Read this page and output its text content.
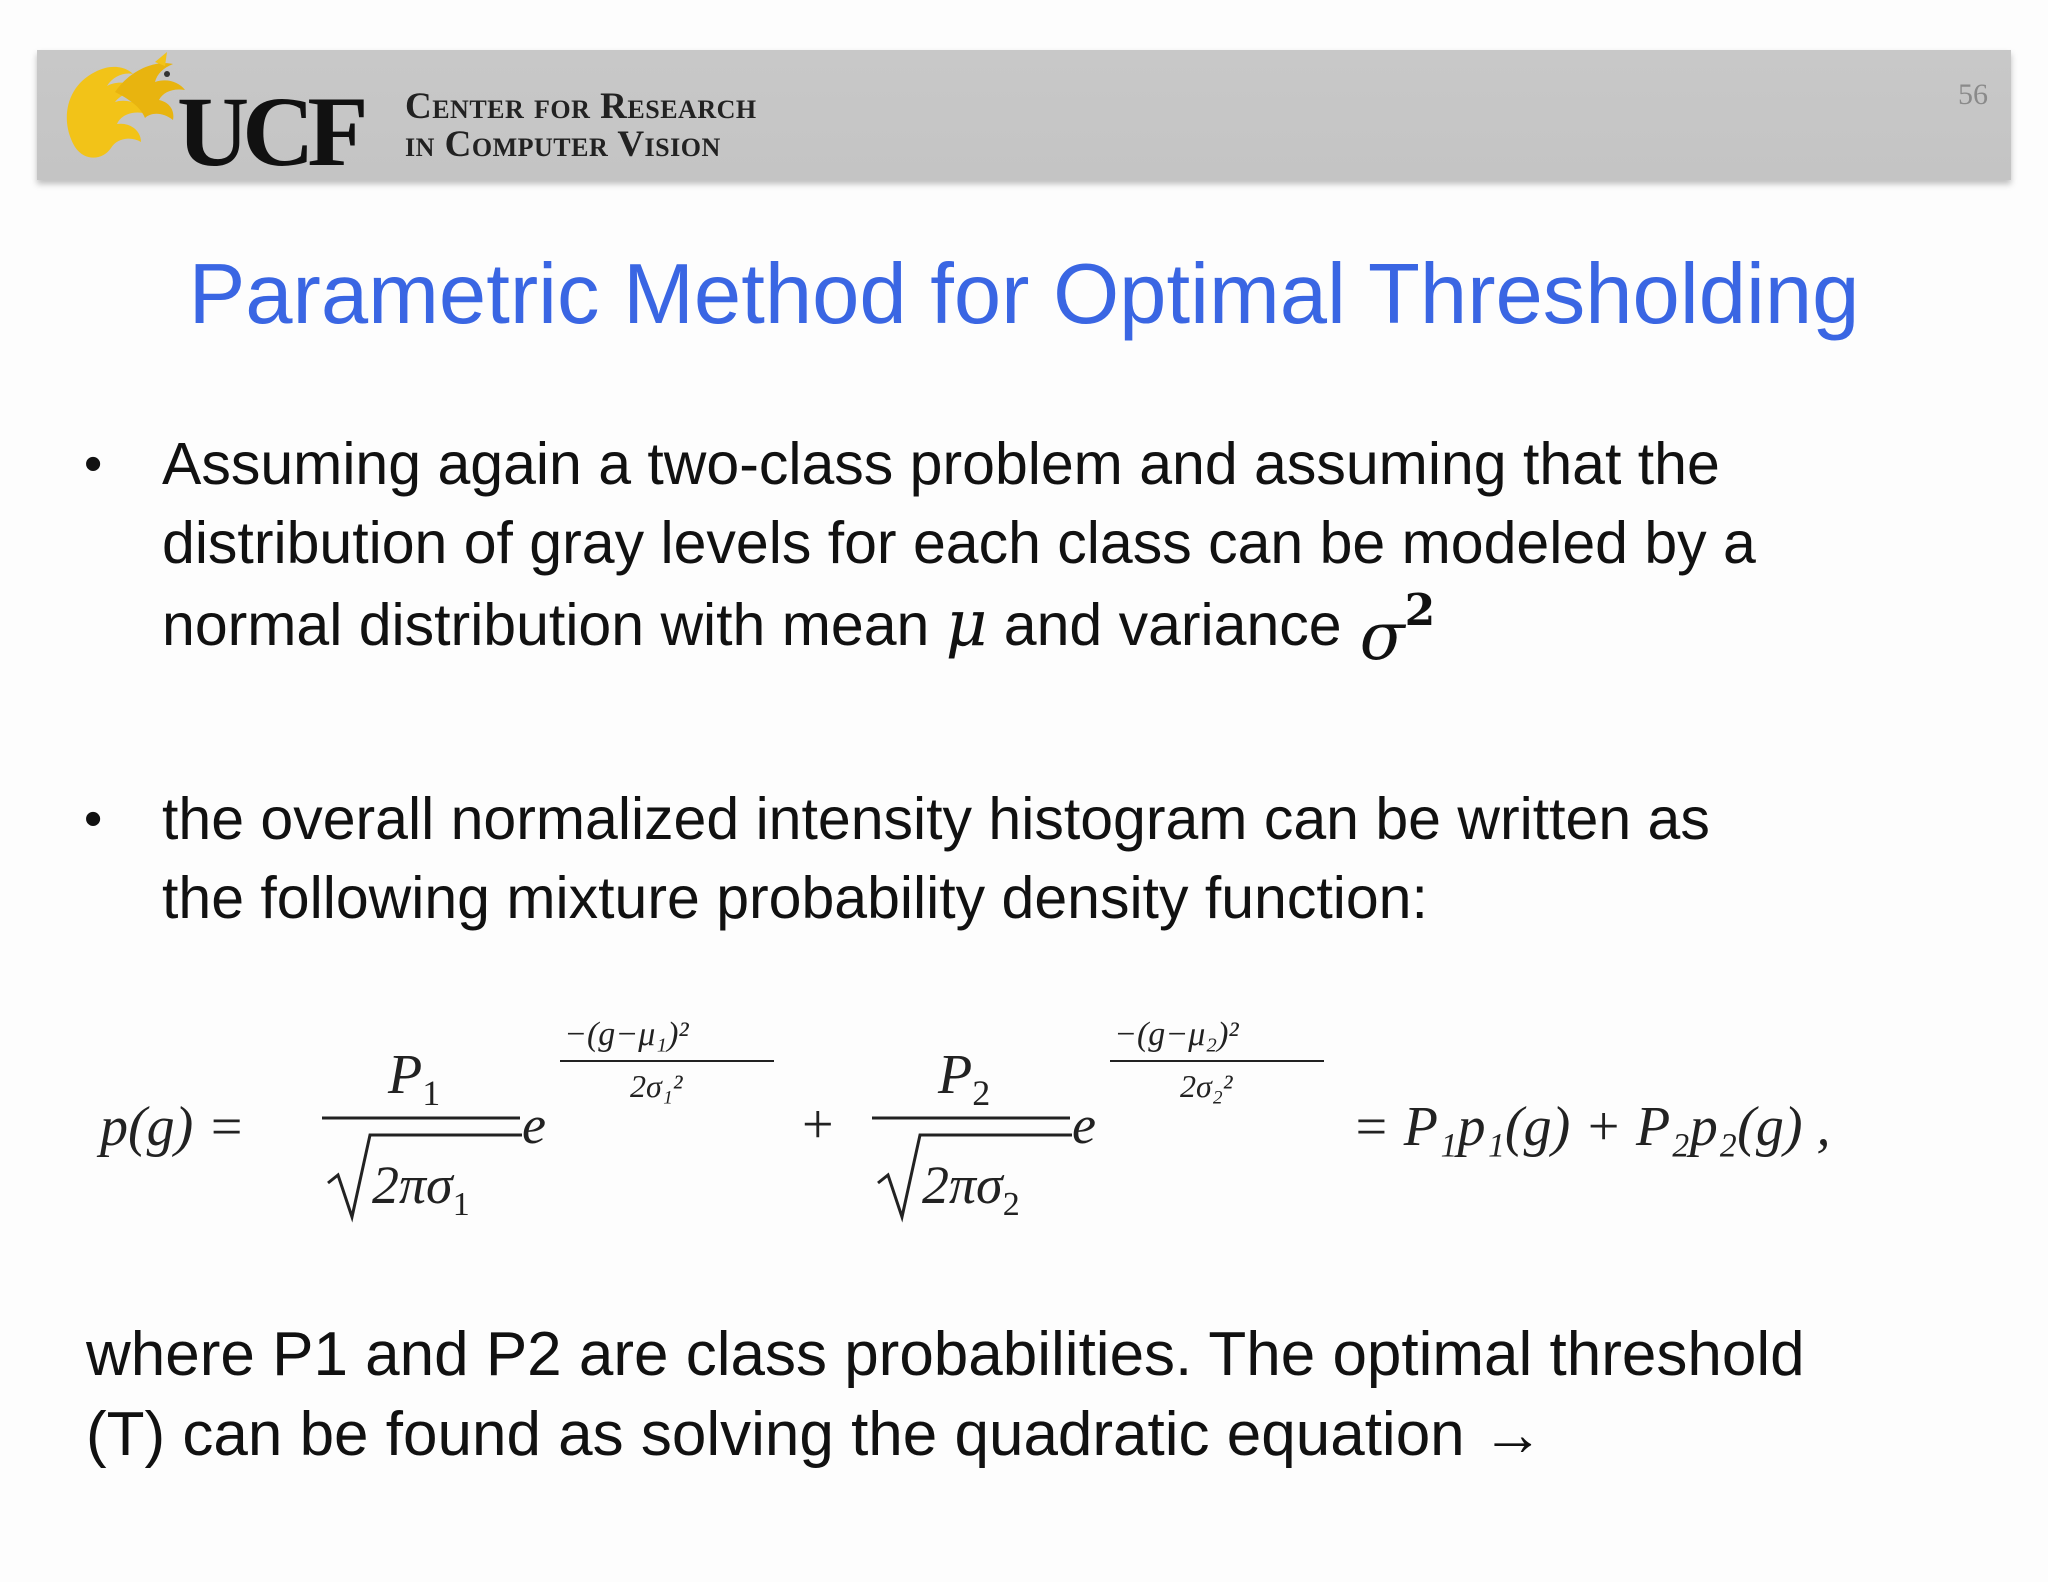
UCF Center for Research
in Computer Vision
56
Parametric Method for Optimal Thresholding
• Assuming again a two-class problem and assuming that the
distribution of gray levels for each class can be modeled by a
normal distribution with mean μ and variance $\sigma^2$
• the overall normalized intensity histogram can be written as
the following mixture probability density function:
p(g) =
$P_1$
$2\pi\sigma_1$
e
−(g−μ₁)²
2σ₁²
+
$P_2$
$2\pi\sigma_2$
e
−(g−μ₂)²
2σ₂²
= P₁p₁(g) + P₂p₂(g) ,
where P1 and P2 are class probabilities. The optimal threshold
(T) can be found as solving the quadratic equation →
